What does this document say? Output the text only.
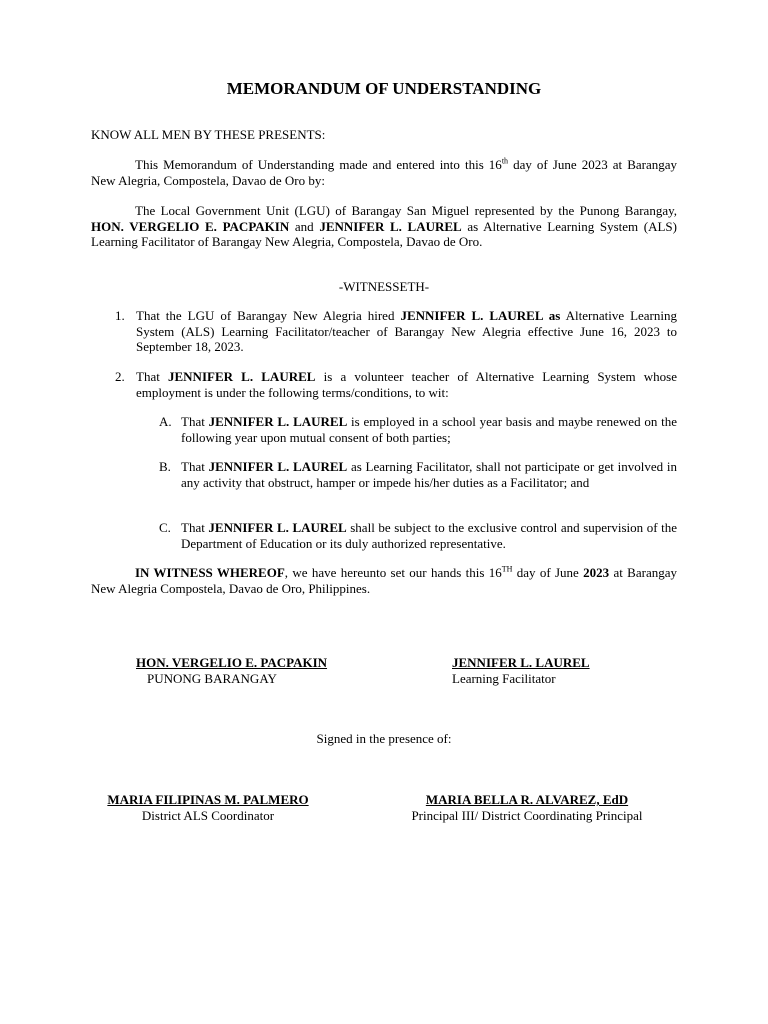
MEMORANDUM OF UNDERSTANDING
KNOW ALL MEN BY THESE PRESENTS:
This Memorandum of Understanding made and entered into this 16th day of June 2023 at Barangay New Alegria, Compostela, Davao de Oro by:
The Local Government Unit (LGU) of Barangay San Miguel represented by the Punong Barangay, HON. VERGELIO E. PACPAKIN and JENNIFER L. LAUREL as Alternative Learning System (ALS) Learning Facilitator of Barangay New Alegria, Compostela, Davao de Oro.
-WITNESSETH-
1. That the LGU of Barangay New Alegria hired JENNIFER L. LAUREL as Alternative Learning System (ALS) Learning Facilitator/teacher of Barangay New Alegria effective June 16, 2023 to September 18, 2023.
2. That JENNIFER L. LAUREL is a volunteer teacher of Alternative Learning System whose employment is under the following terms/conditions, to wit:
A. That JENNIFER L. LAUREL is employed in a school year basis and maybe renewed on the following year upon mutual consent of both parties;
B. That JENNIFER L. LAUREL as Learning Facilitator, shall not participate or get involved in any activity that obstruct, hamper or impede his/her duties as a Facilitator; and
C. That JENNIFER L. LAUREL shall be subject to the exclusive control and supervision of the Department of Education or its duly authorized representative.
IN WITNESS WHEREOF, we have hereunto set our hands this 16TH day of June 2023 at Barangay New Alegria Compostela, Davao de Oro, Philippines.
HON. VERGELIO E. PACPAKIN
PUNONG BARANGAY
JENNIFER L. LAUREL
Learning Facilitator
Signed in the presence of:
MARIA FILIPINAS M. PALMERO
District ALS Coordinator
MARIA BELLA R. ALVAREZ, EdD
Principal III/ District Coordinating Principal
